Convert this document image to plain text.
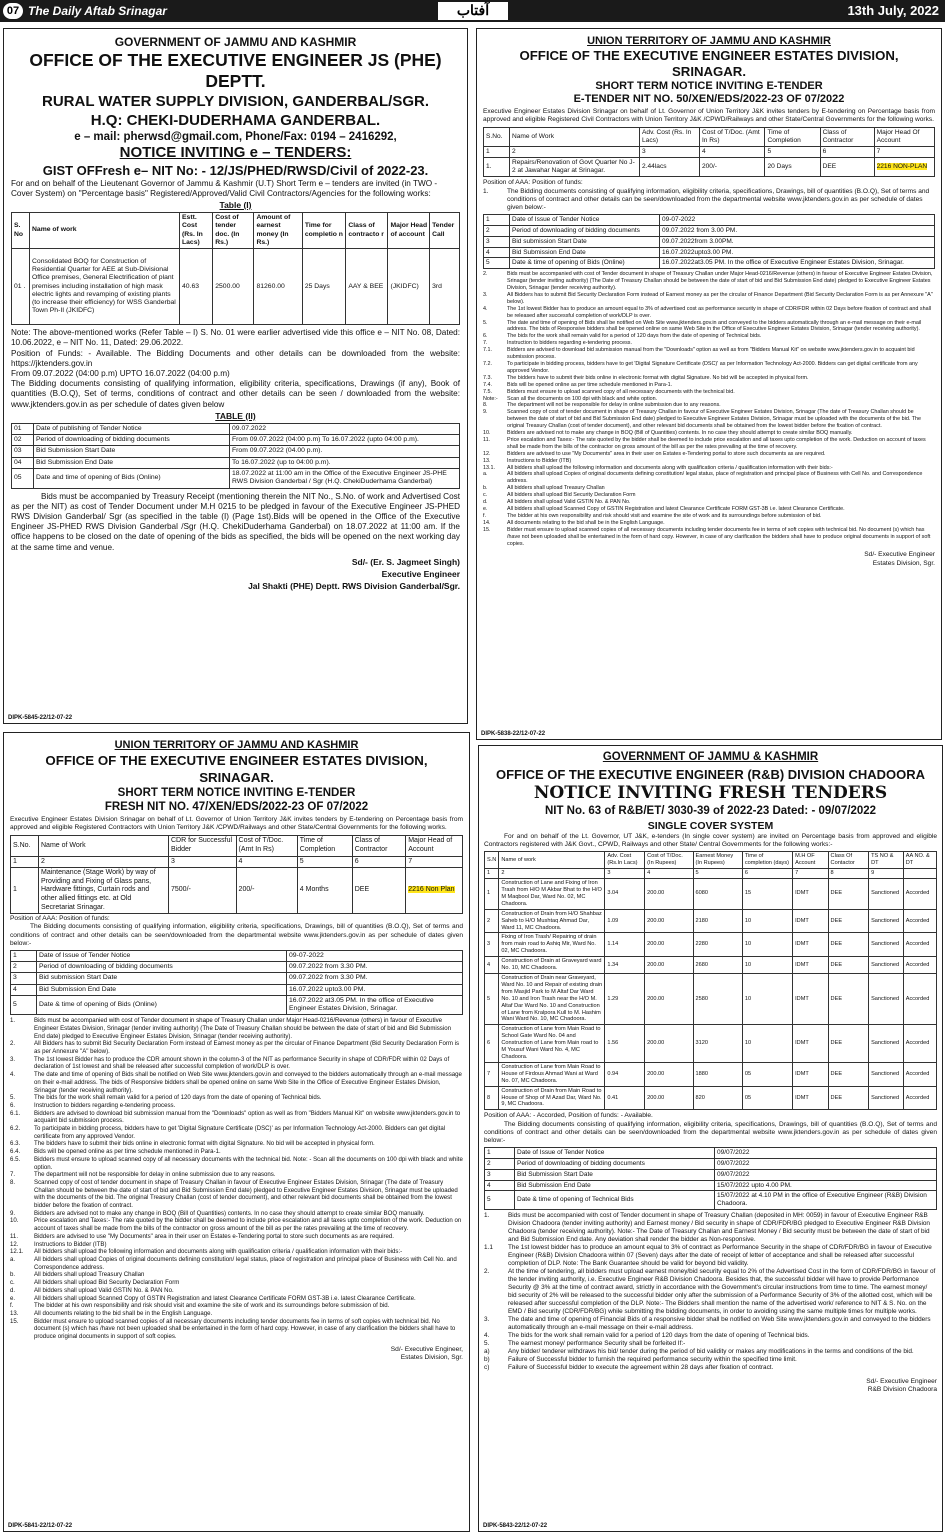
07 The Daily Aftab Srinagar	آفتاب	13th July, 2022
GOVERNMENT OF JAMMU AND KASHMIR
OFFICE OF THE EXECUTIVE ENGINEER JS (PHE) DEPTT.
RURAL WATER SUPPLY DIVISION, GANDERBAL/SGR.
H.Q: CHEKI-DUDERHAMA GANDERBAL.
e – mail: pherwsd@gmail.com, Phone/Fax: 0194 – 2416292,
NOTICE INVITING e – TENDERS:
GIST OFFresh e– NIT No: - 12/JS/PHED/RWSD/Civil of 2022-23.
For and on behalf of the Lieutenant Governor of Jammu & Kashmir (U.T) Short Term e – tenders are invited (in TWO - Cover System) on "Percentage basis" Registered/Approved/Valid Civil Contractors/Agencies for the following works:
Table (I)
S. No	Name of work	Estt. Cost (Rs. In Lacs)	Cost of tender doc. (In Rs.)	Amount of earnest money (In Rs.)	Time for completio n	Class of contracto r	Major Head of account	Tender Call
01 .	Consolidated BOQ for Construction of Residential Quarter for AEE at Sub-Divisional Office premises, General Electrification of plant premises including installation of high mask electric lights and revamping of existing plants (to increase their efficiency) for WSS Ganderbal Town Ph-II (JKIDFC)	40.63	2500.00	81260.00	25 Days	AAY & BEE	(JKIDFC)	3rd
Note: The above-mentioned works (Refer Table – I) S. No. 01 were earlier advertised vide this office e – NIT No. 08, Dated: 10.06.2022, e – NIT No. 11, Dated: 29.06.2022.
Position of Funds: - Available. The Bidding Documents and other details can be downloaded from the website: https://jktenders.gov.in
From 09.07.2022 (04:00 p.m) UPTO 16.07.2022 (04:00 p.m)
The Bidding documents consisting of qualifying information, eligibility criteria, specifications, Drawings (if any), Book of quantities (B.O.Q), Set of terms, conditions of contract and other details can be seen / downloaded from the website: www.jktenders.gov.in as per schedule of dates given below
TABLE (II)
01	Date of publishing of Tender Notice	09.07.2022
02	Period of downloading of bidding documents	From 09.07.2022 (04:00 p.m) To 16.07.2022 (upto 04:00 p.m).
03	Bid Submission Start Date	From 09.07.2022 (04.00 p.m).
04	Bid Submission End Date	To 16.07.2022 (up to 04:00 p.m).
05	Date and time of opening of Bids (Online)	18.07.2022 at 11:00 am in the Office of the Executive Engineer JS-PHE RWS Division Ganderbal / Sgr (H.Q. ChekiDuderhama Ganderbal)
Bids must be accompanied by Treasury Receipt (mentioning therein the NIT No., S.No. of work and Advertised Cost as per the NIT) as cost of Tender Document under M.H 0215 to be pledged in favour of the Executive Engineer JS-PHED RWS Division Ganderbal/ Sgr (as specified in the table (I) (Page 1st).Bids will be opened in the Office of the Executive Engineer JS-PHED RWS Division Ganderbal /Sgr (H.Q. ChekiDuderhama Ganderbal) on 18.07.2022 at 11:00 am. If the office happens to be closed on the date of opening of the bids as specified, the bids will be opened on the next working day at the same time and venue.
Sd/- (Er. S. Jagmeet Singh)
Executive Engineer
Jal Shakti (PHE) Deptt. RWS Division Ganderbal/Sgr.
DIPK-5845-22/12-07-22
UNION TERRITORY OF JAMMU AND KASHMIR
OFFICE OF THE EXECUTIVE ENGINEER ESTATES DIVISION, SRINAGAR.
SHORT TERM NOTICE INVITING E-TENDER
E-TENDER NIT NO. 50/XEN/EDS/2022-23 OF 07/2022
Executive Engineer Estates Division Srinagar on behalf of Lt. Governor of Union Territory J&K invites tenders by E-tendering on Percentage basis from approved and eligible Registered Civil Contractors with Union Territory J&K /CPWD/Railways and other State/Central Governments for the following works.
S.No.	Name of Work	Adv. Cost (Rs. In Lacs)	Cost of T/Doc. (Amt In Rs)	Time of Completion	Class of Contractor	Major Head Of Account
1	2	3	4	5	6	7
1.	Repairs/Renovation of Govt Quarter No J-2 at Jawahar Nagar at Srinagar.	2.44lacs	200/-	20 Days	DEE	2216 NON-PLAN
Position of AAA: Position of funds:
1.	The Bidding documents consisting of qualifying information, eligibility criteria, specifications, Drawings, bill of quantities (B.O.Q), Set of terms and conditions of contract and other details can be seen/downloaded from the departmental website www.jktenders.gov.in as per schedule of dates given below:-
1	Date of Issue of Tender Notice	09-07-2022
2	Period of downloading of bidding documents	09.07.2022 from 3.00 PM.
3	Bid submission Start Date	09.07.2022from 3.00PM.
4	Bid Submission End Date	16.07.2022upto3.00 PM.
5	Date & time of opening of Bids (Online)	16.07.2022at3.05 PM. In the office of Executive Engineer Estates Division, Srinagar.
2.	Bids must be accompanied with cost of Tender document in shape of Treasury Challan under Major Head-0216/Revenue (others) in favour of Executive Engineer Estates Division, Srinagar (tender inviting authority) (The Date of Treasury Challan should be between the date of start of bid and Bid Submission End date) pledged to Executive Engineer Estates Division, Srinagar (tender receiving authority).
3.	All Bidders has to submit Bid Security Declaration Form instead of Earnest money as per the circular of Finance Department (Bid Security Declaration Form is as per Annexure "A" below).
4.	The 1st lowest Bidder has to produce an amount equal to 3% of advertised cost as performance security in shape of CDR/FDR within 02 Days before fixation of contract and shall be released after successful completion of work/DLP is over.
5.	The date and time of opening of Bids shall be notified on Web Site www.jktenders.gov.in and conveyed to the bidders automatically through an e-mail message on their e-mail address. The bids of Responsive bidders shall be opened online on same Web Site in the Office of Executive Engineer Estates Division, Srinagar (tender receiving authority).
6.	The bids for the work shall remain valid for a period of 120 days from the date of opening of Technical bids.
7.	Instruction to bidders regarding e-tendering process.
7.1.	Bidders are advised to download bid submission manual from the "Downloads" option as well as from "Bidders Manual Kit" on website www.jktenders.gov.in to acquaint bid submission process.
7.2.	To participate in bidding process, bidders have to get 'Digital Signature Certificate (DSC)' as per Information Technology Act-2000. Bidders can get digital certificate from any approved Vendor.
7.3.	The bidders have to submit their bids online in electronic format with digital Signature. No bid will be accepted in physical form.
7.4.	Bids will be opened online as per time schedule mentioned in Para-1.
7.5.	Bidders must ensure to upload scanned copy of all necessary documents with the technical bid.
Note:-	Scan all the documents on 100 dpi with black and white option.
8.	The department will not be responsible for delay in online submission due to any reasons.
9.	Scanned copy of cost of tender document in shape of Treasury Challan in favour of Executive Engineer Estates Division, Srinagar (The date of Treasury Challan should be between the date of start of bid and Bid Submission End date) pledged to Executive Engineer Estates Division, Srinagar must be uploaded with the documents of the bid. The original Treasury Challan (cost of tender document), and other relevant bid documents shall be obtained from the lowest bidder before the fixation of contract.
10.	Bidders are advised not to make any change in BOQ (Bill of Quantities) contents. In no case they should attempt to create similar BOQ manually.
11.	Price escalation and Taxes:- The rate quoted by the bidder shall be deemed to include price escalation and all taxes upto completion of the work. Deduction on account of taxes shall be made from the bills of the contractor on gross amount of the bill as per the rates prevailing at the time of recovery.
12.	Bidders are advised to use "My Documents" area in their user on Estates e-Tendering portal to store such documents as are required.
13.	Instructions to Bidder (ITB)
13.1.	All bidders shall upload the following information and documents along with qualification criteria / qualification information with their bids:-
a.	All bidders shall upload Copies of original documents defining constitution/ legal status, place of registration and principal place of Business with Cell No. and Correspondence address.
b.	All bidders shall upload Treasury Challan
c.	All bidders shall upload Bid Security Declaration Form
d.	All bidders shall upload Valid GSTIN No. & PAN No.
e.	All bidders shall upload Scanned Copy of GSTIN Registration and latest Clearance Certificate FORM GST-3B i.e. latest Clearance Certificate.
f.	The bidder at his own responsibility and risk should visit and examine the site of work and its surroundings before submission of bid.
14.	All documents relating to the bid shall be in the English Language.
15.	Bidder must ensure to upload scanned copies of all necessary documents including tender documents fee in terms of soft copies with technical bid. No document (s) which has /have not been uploaded shall be entertained in the form of hard copy. However, in case of any clarification the bidders shall have to produce original documents in support of soft copies.
Sd/- Executive Engineer
Estates Division, Sgr.
DIPK-5838-22/12-07-22
UNION TERRITORY OF JAMMU AND KASHMIR
OFFICE OF THE EXECUTIVE ENGINEER ESTATES DIVISION, SRINAGAR.
SHORT TERM NOTICE INVITING E-TENDER
FRESH NIT NO. 47/XEN/EDS/2022-23 OF 07/2022
Executive Engineer Estates Division Srinagar on behalf of Lt. Governor of Union Territory J&K invites tenders by E-tendering on Percentage basis from approved and eligible Registered Contractors with Union Territory J&K /CPWD/Railways and other State/Central Governments for the following works.
S.No.	Name of Work	CDR for Successful Bidder	Cost of T/Doc. (Amt In Rs)	Time of Completion	Class of Contractor	Major Head of Account
1	2	3	4	5	6	7
1	Maintenance (Stage Work) by way of Providing and Fixing of Glass pans, Hardware fittings, Curtain rods and other allied fittings etc. at Old Secretariat Srinagar.	7500/-	200/-	4 Months	DEE	2216 Non Plan
Position of AAA: Position of funds:
The Bidding documents consisting of qualifying information, eligibility criteria, specifications, Drawings, bill of quantities (B.O.Q), Set of terms and conditions of contract and other details can be seen/downloaded from the departmental website www.jktenders.gov.in as per schedule of dates given below:-
1	Date of Issue of Tender Notice	09-07-2022
2	Period of downloading of bidding documents	09.07.2022 from 3.30 PM.
3	Bid submission Start Date	09.07.2022 from 3.30 PM.
4	Bid Submission End Date	16.07.2022 upto3.00 PM.
5	Date & time of opening of Bids (Online)	16.07.2022 at3.05 PM. In the office of Executive Engineer Estates Division, Srinagar.
1.	Bids must be accompanied with cost of Tender document in shape of Treasury Challan under Major Head-0216/Revenue (others) in favour of Executive Engineer Estates Division, Srinagar (tender inviting authority) (The Date of Treasury Challan should be between the date of start of bid and Bid Submission End date) pledged to Executive Engineer Estates Division, Srinagar (tender receiving authority).
2.	All Bidders has to submit Bid Security Declaration Form instead of Earnest money as per the circular of Finance Department (Bid Security Declaration Form is as per Annexure "A" below).
3.	The 1st lowest Bidder has to produce the CDR amount shown in the column-3 of the NIT as performance Security in shape of CDR/FDR within 02 Days of declaration of 1st lowest and shall be released after successful completion of work/DLP is over.
4.	The date and time of opening of Bids shall be notified on Web Site www.jktenders.gov.in and conveyed to the bidders automatically through an e-mail message on their e-mail address. The bids of Responsive bidders shall be opened online on same Web Site in the Office of Executive Engineer Estates Division, Srinagar (tender receiving authority).
5.	The bids for the work shall remain valid for a period of 120 days from the date of opening of Technical bids.
6.	Instruction to bidders regarding e-tendering process.
6.1.	Bidders are advised to download bid submission manual from the "Downloads" option as well as from "Bidders Manual Kit" on website www.jktenders.gov.in to acquaint bid submission process.
6.2.	To participate in bidding process, bidders have to get 'Digital Signature Certificate (DSC)' as per Information Technology Act-2000. Bidders can get digital certificate from any approved Vendor.
6.3.	The bidders have to submit their bids online in electronic format with digital Signature. No bid will be accepted in physical form.
6.4.	Bids will be opened online as per time schedule mentioned in Para-1.
6.5.	Bidders must ensure to upload scanned copy of all necessary documents with the technical bid. Note: - Scan all the documents on 100 dpi with black and white option.
7.	The department will not be responsible for delay in online submission due to any reasons.
8.	Scanned copy of cost of tender document in shape of Treasury Challan in favour of Executive Engineer Estates Division, Srinagar (The date of Treasury Challan should be between the date of start of bid and Bid Submission End date) pledged to Executive Engineer Estates Division, Srinagar must be uploaded with the documents of the bid. The original Treasury Challan (cost of tender document), and other relevant bid documents shall be obtained from the lowest bidder before the fixation of contract.
9.	Bidders are advised not to make any change in BOQ (Bill of Quantities) contents. In no case they should attempt to create similar BOQ manually.
10.	Price escalation and Taxes:- The rate quoted by the bidder shall be deemed to include price escalation and all taxes upto completion of the work. Deduction on account of taxes shall be made from the bills of the contractor on gross amount of the bill as per the rates prevailing at the time of recovery.
11.	Bidders are advised to use "My Documents" area in their user on Estates e-Tendering portal to store such documents as are required.
12.	Instructions to Bidder (ITB)
12.1.	All bidders shall upload the following information and documents along with qualification criteria / qualification information with their bids:-
a.	All bidders shall upload Copies of original documents defining constitution/ legal status, place of registration and principal place of Business with Cell No. and Correspondence address.
b.	All bidders shall upload Treasury Challan
c.	All bidders shall upload Bid Security Declaration Form
d.	All bidders shall upload Valid GSTIN No. & PAN No.
e.	All bidders shall upload Scanned Copy of GSTIN Registration and latest Clearance Certificate FORM GST-3B i.e. latest Clearance Certificate.
f.	The bidder at his own responsibility and risk should visit and examine the site of work and its surroundings before submission of bid.
13.	All documents relating to the bid shall be in the English Language.
15.	Bidder must ensure to upload scanned copies of all necessary documents including tender documents fee in terms of soft copies with technical bid. No document (s) which has /have not been uploaded shall be entertained in the form of hard copy. However, in case of any clarification the bidders shall have to produce original documents in support of soft copies.
Sd/- Executive Engineer,
Estates Division, Sgr.
DIPK-5841-22/12-07-22
GOVERNMENT OF JAMMU & KASHMIR
OFFICE OF THE EXECUTIVE ENGINEER (R&B) DIVISION CHADOORA
NOTICE INVITING FRESH TENDERS
NIT No. 63 of R&B/ET/ 3030-39 of 2022-23 Dated: - 09/07/2022
SINGLE COVER SYSTEM
For and on behalf of the Lt. Governor, UT J&K, e-tenders (In single cover system) are invited on Percentage basis from approved and eligible Contractors registered with J&K Govt., CPWD, Railways and other State/ Central Governments for the following works:-
S.N	Name of work	Adv. Cost (Rs.In Lacs)	Cost of T/Doc. (In Rupees)	Earnest Money (In Rupees)	Time of completion (days)	M.H OF Account	Class Of Contactor	TS NO & DT	AA NO. & DT
1	2	3	4	5	6	7	8	9	
1	Construction of Lane and Fixing of Iron Trash from H/O M Akbar Bhat to the H/O M Maqbool Dar, Ward No. 02, MC Chadoora.	3.04	200.00	6080	15	IDMT	DEE	Sanctioned	Accorded
2	Construction of Drain from H/O Shahbaz Saheb to H/O Mushtaq Ahmad Dar, Ward 11, MC Chadoora.	1.09	200.00	2180	10	IDMT	DEE	Sanctioned	Accorded
3	Fixing of Iron Trash/ Repairing of drain from main road to Ashiq Mir, Ward No. 02, MC Chadoora.	1.14	200.00	2280	10	IDMT	DEE	Sanctioned	Accorded
4	Construction of Drain at Graveyard ward No. 10, MC Chadoora.	1.34	200.00	2680	10	IDMT	DEE	Sanctioned	Accorded
5	Construction of Drain near Graveyard, Ward No. 10 and Repair of existing drain from Masjid Park to M Altaf Dar Ward No. 10 and Iron Trash near the H/O M. Altaf Dar Ward No. 10 and Construction of Lane from Kralpora Kull to M. Hashim Wani Ward No. 10, MC Chadoora.	1.29	200.00	2580	10	IDMT	DEE	Sanctioned	Accorded
6	Construction of Lane from Main Road to School Gate Ward No. 04 and Construction of Lane from Main road to M Yousuf Wani Ward No. 4, MC Chadoora.	1.56	200.00	3120	10	IDMT	DEE	Sanctioned	Accorded
7	Construction of Lane from Main Road to House of Firdous Ahmad Wani at Ward No. 07, MC Chadoora.	0.94	200.00	1880	05	IDMT	DEE	Sanctioned	Accorded
8	Construction of Drain from Main Road to House of Shop of M Azad Dar, Ward No. 9, MC Chadoora.	0.41	200.00	820	05	IDMT	DEE	Sanctioned	Accorded
Position of AAA: - Accorded, Position of funds: - Available.
The Bidding documents consisting of qualifying information, eligibility criteria, specifications, Drawings, bill of quantities (B.O.Q), Set of terms and conditions of contract and other details can be seen/downloaded from the departmental website www.jktenders.gov.in as per schedule of dates given below:-
1	Date of Issue of Tender Notice	09/07/2022
2	Period of downloading of bidding documents	09/07/2022
3	Bid Submission Start Date	09/07/2022
4	Bid Submission End Date	15/07/2022 upto 4.00 PM.
5	Date & time of opening of Technical Bids	15/07/2022 at 4.10 PM in the office of Executive Engineer (R&B) Division Chadoora.
1.	Bids must be accompanied with cost of Tender document in shape of Treasury Challan (deposited in MH: 0059) in favour of Executive Engineer R&B Division Chadoora (tender inviting authority) and Earnest money / Bid security in shape of CDR/FDR/BG pledged to Executive Engineer R&B Division Chadoora (tender receiving authority). Note:- The Date of Treasury Challan and Earnest Money / Bid security must be between the date of start of bid and Bid Submission End date. Any deviation shall render the bidder as Non-responsive.
1.1	The 1st lowest bidder has to produce an amount equal to 3% of contract as Performance Security in the shape of CDR/FDR/BG in favour of Executive Engineer (R&B) Division Chadoora within 07 (Seven) days after the date of receipt of letter of acceptance and shall be released after successful completion of DLP. Note: The Bank Guarantee should be valid for beyond bid validity.
2.	At the time of tendering, all bidders must upload earnest money/bid security equal to 2% of the Advertised Cost in the form of CDR/FDR/BG in favour of the tender inviting authority, i.e. Executive Engineer R&B Division Chadoora. Besides that, the successful bidder will have to provide Performance Security @ 3% at the time of contract award, strictly in accordance with the Government's circular instructions from time to time. The earnest money/ bid security of 2% will be released to the successful bidder only after the submission of a Performance Security of 3% of the allotted cost, which will be released after successful completion of the DLP. Note:- The Bidders shall mention the name of the advertised work/ reference to NIT & S. No. on the EMD / Bid security (CDR/FDR/BG) while submitting the bidding documents, in order to avoiding using the same multiple times for multiple works.
3.	The date and time of opening of Financial Bids of a responsive bidder shall be notified on Web Site www.jktenders.gov.in and conveyed to the bidders automatically through an e-mail message on their e-mail address.
4.	The bids for the work shall remain valid for a period of 120 days from the date of opening of Technical bids.
5.	The earnest money/ performance Security shall be forfeited If:-
a)	Any bidder/ tenderer withdraws his bid/ tender during the period of bid validity or makes any modifications in the terms and conditions of the bid.
b)	Failure of Successful bidder to furnish the required performance security within the specified time limit.
c)	Failure of Successful bidder to execute the agreement within 28 days after fixation of contract.
Sd/- Executive Engineer
R&B Division Chadoora
DIPK-5843-22/12-07-22
